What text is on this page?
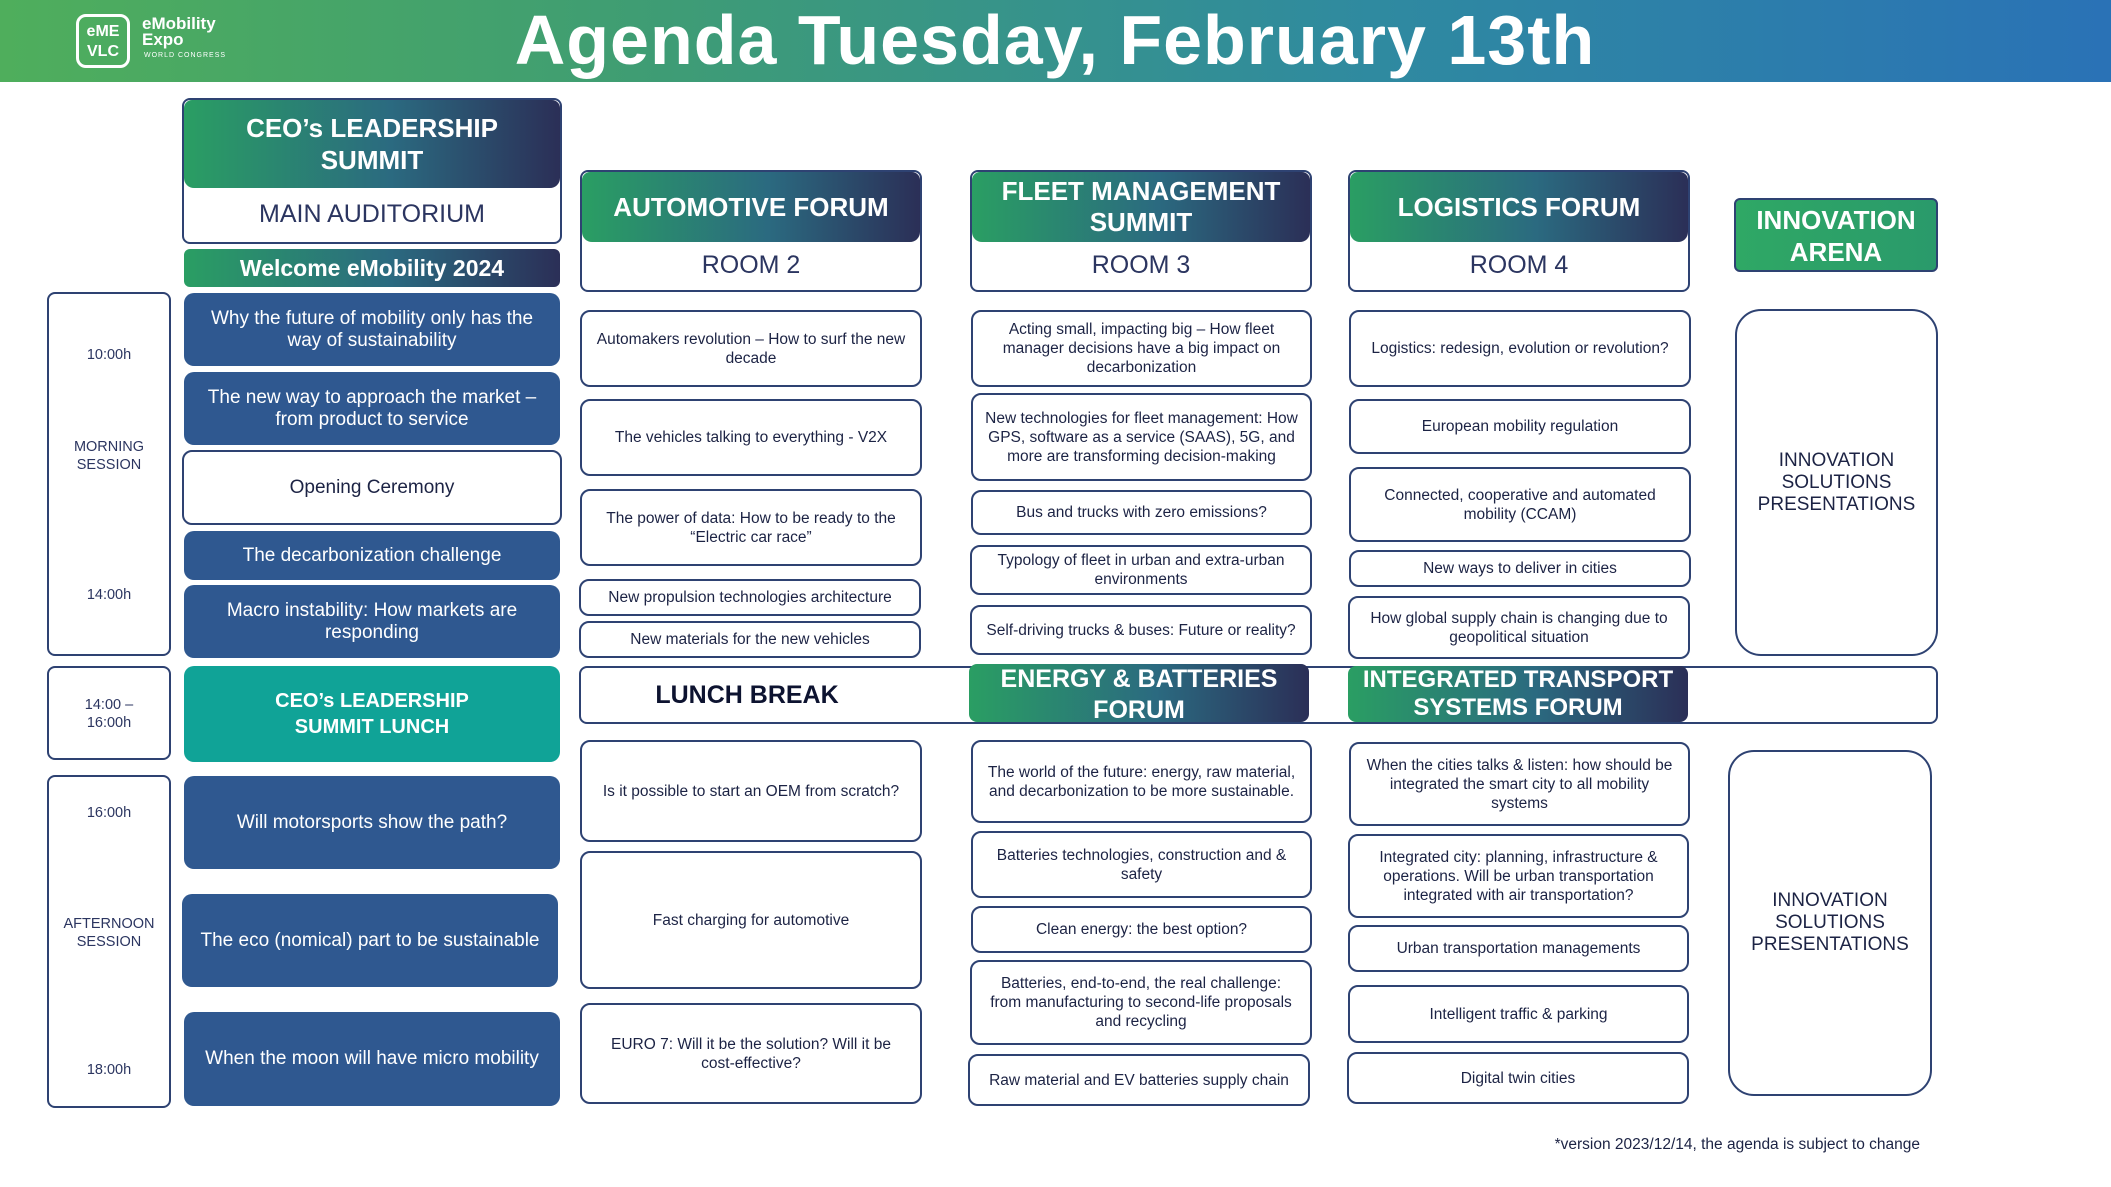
eME
VLC
eMobility
Expo
WORLD CONGRESS	Agenda Tuesday, February 13th
10:00h
MORNING
SESSION
14:00h
14:00 –
16:00h
16:00h
AFTERNOON
SESSION
18:00h
CEO’s LEADERSHIP
SUMMIT
MAIN AUDITORIUM
Welcome eMobility 2024
Why the future of mobility only has the way of sustainability
The new way to approach the market – from product to service
Opening Ceremony
The decarbonization challenge
Macro instability: How markets are responding
CEO’s LEADERSHIP
SUMMIT LUNCH
Will motorsports show the path?
The eco (nomical) part to be sustainable
When the moon will have micro mobility
AUTOMOTIVE FORUM
ROOM 2
Automakers revolution – How to surf the new decade
The vehicles talking to everything - V2X
The power of data: How to be ready to the “Electric car race”
New propulsion technologies architecture
New materials for the new vehicles
LUNCH BREAK
Is it possible to start an OEM from scratch?
Fast charging for automotive
EURO 7: Will it be the solution? Will it be cost-effective?
FLEET MANAGEMENT
SUMMIT
ROOM 3
Acting small, impacting big – How fleet manager decisions have a big impact on decarbonization
New technologies for fleet management: How GPS, software as a service (SAAS), 5G, and more are transforming decision-making
Bus and trucks with zero emissions?
Typology of fleet in urban and extra-urban environments
Self-driving trucks & buses: Future or reality?
ENERGY & BATTERIES
FORUM
The world of the future: energy, raw material, and decarbonization to be more sustainable.
Batteries technologies, construction and & safety
Clean energy: the best option?
Batteries, end-to-end, the real challenge: from manufacturing to second-life proposals and recycling
Raw material and EV batteries supply chain
LOGISTICS FORUM
ROOM 4
Logistics: redesign, evolution or revolution?
European mobility regulation
Connected, cooperative and automated mobility (CCAM)
New ways to deliver in cities
How global supply chain is changing due to geopolitical situation
INTEGRATED TRANSPORT
SYSTEMS FORUM
When the cities talks & listen: how should be integrated the smart city to all mobility systems
Integrated city: planning, infrastructure & operations. Will be urban transportation integrated with air transportation?
Urban transportation managements
Intelligent traffic & parking
Digital twin cities
INNOVATION
ARENA
INNOVATION
SOLUTIONS
PRESENTATIONS
INNOVATION
SOLUTIONS
PRESENTATIONS
*version 2023/12/14, the agenda is subject to change
